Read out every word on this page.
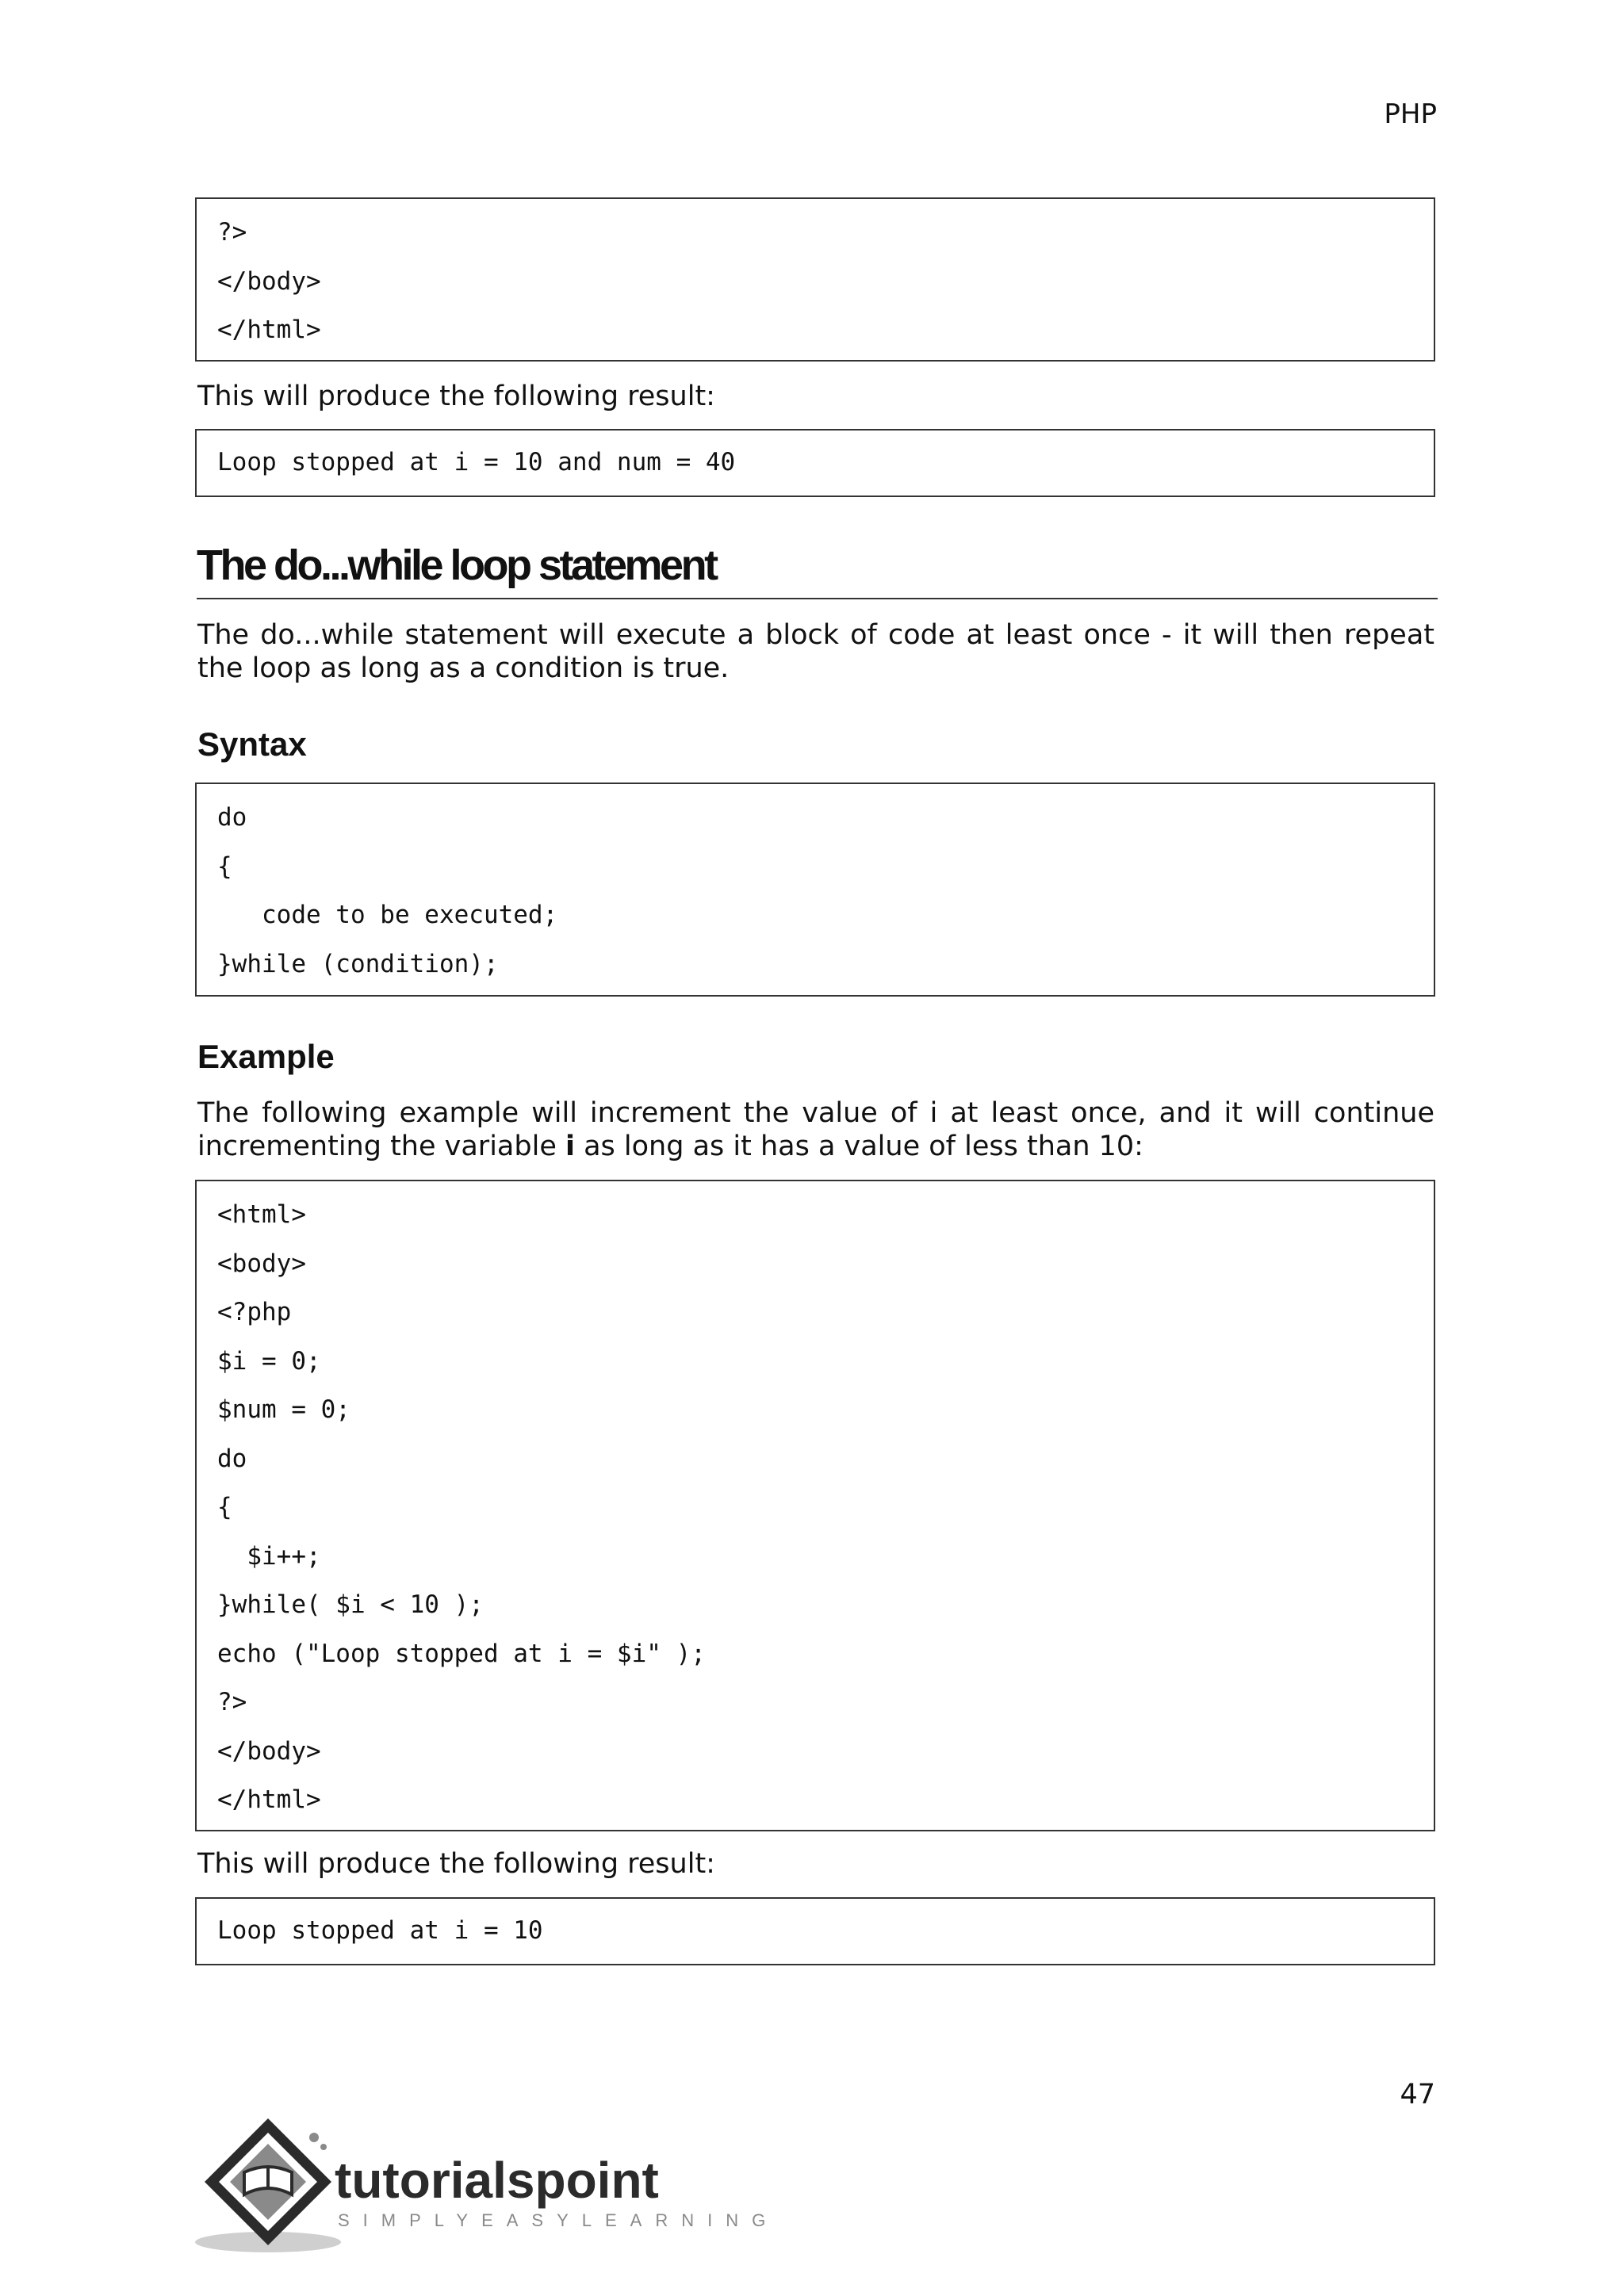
PHP
?>
</body>
</html>
This will produce the following result:
Loop stopped at i = 10 and num = 40
The do...while loop statement
The do...while statement will execute a block of code at least once - it will then repeat the loop as long as a condition is true.
Syntax
do
{
code to be executed;
}while (condition);
Example
The following example will increment the value of i at least once, and it will continue incrementing the variable i as long as it has a value of less than 10:
<html>
<body>
<?php
$i = 0;
$num = 0;
do
{
$i++;
}while( $i < 10 );
echo ("Loop stopped at i = $i" );
?>
</body>
</html>
This will produce the following result:
Loop stopped at i = 10
47
tutorialspoint
SIMPLYEASYLEARNING
